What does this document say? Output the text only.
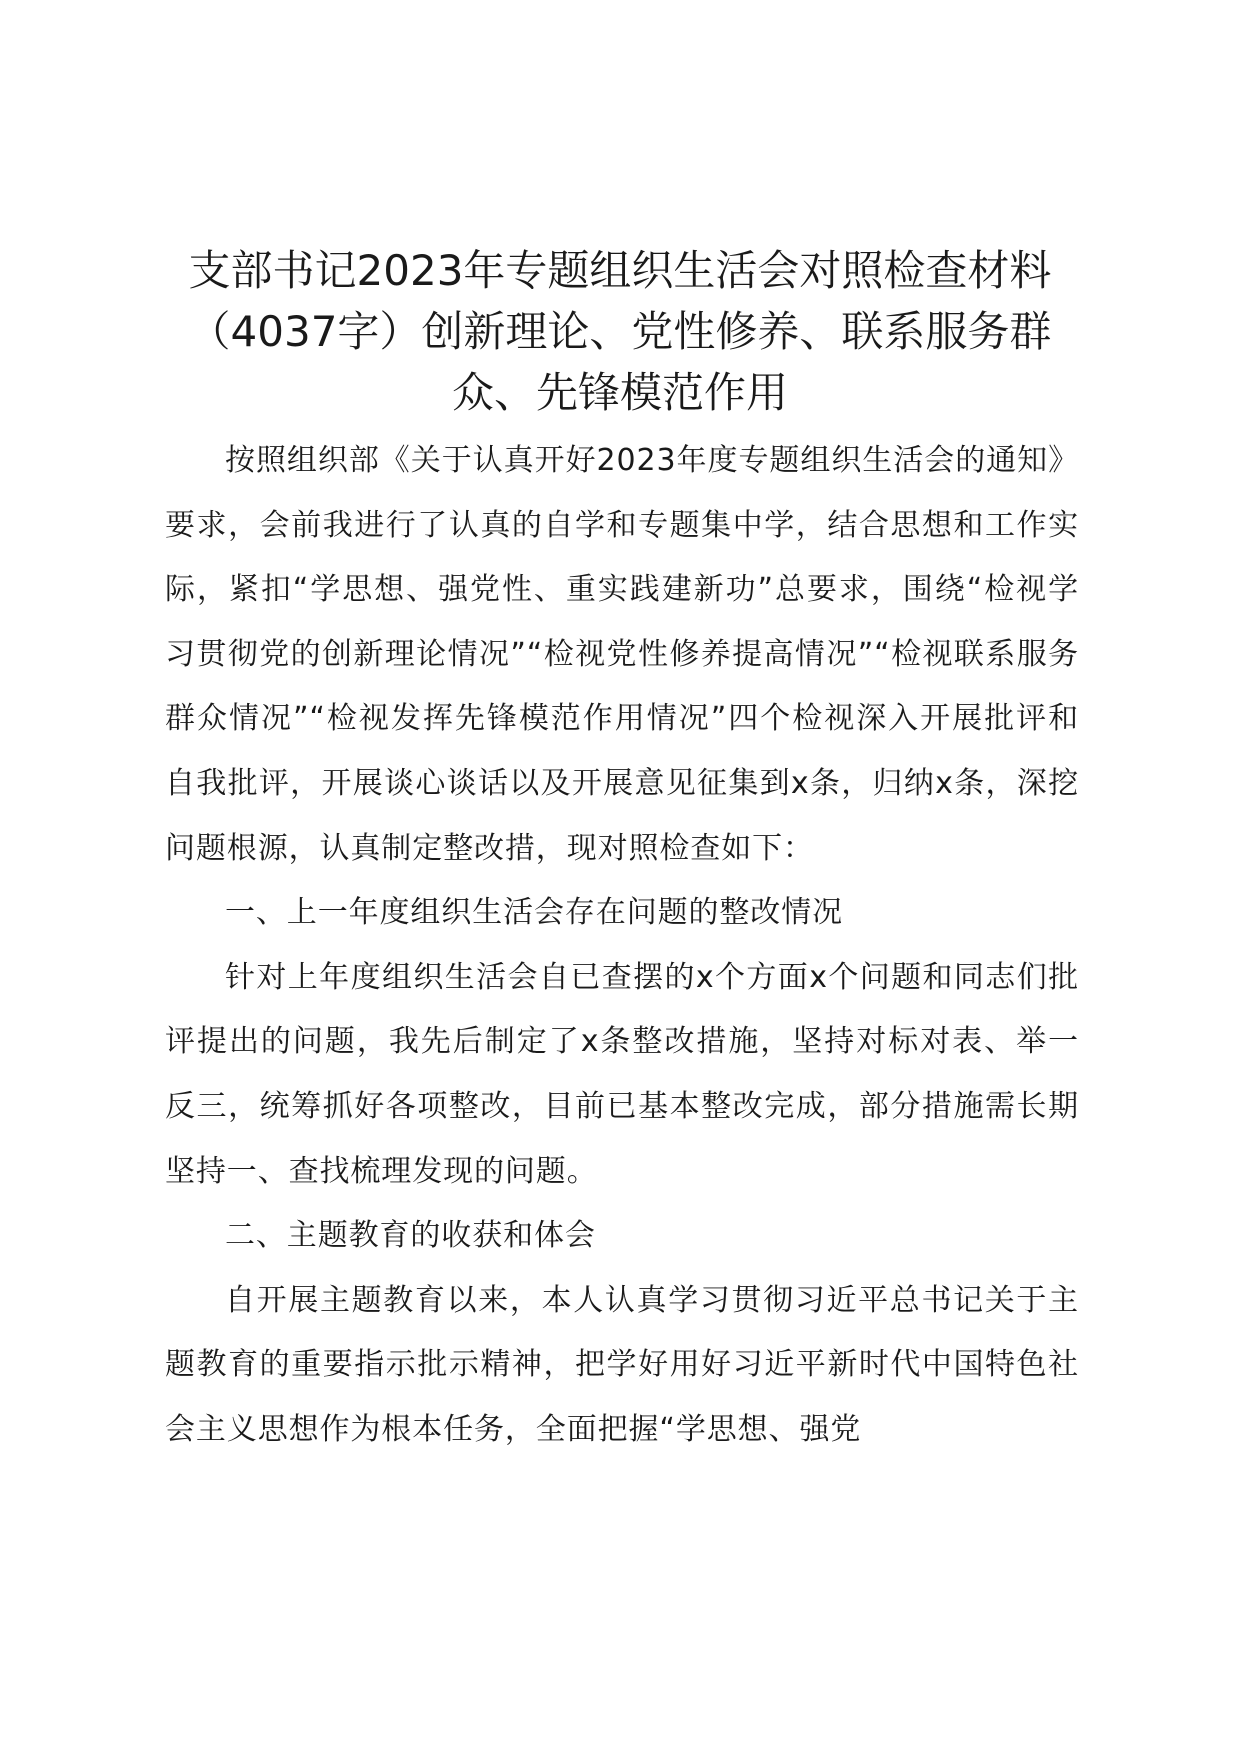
支部书记2023年专题组织生活会对照检查材料（4037字）创新理论、党性修养、联系服务群众、先锋模范作用

按照组织部《关于认真开好2023年度专题组织生活会的通知》要求，会前我进行了认真的自学和专题集中学，结合思想和工作实际，紧扣“学思想、强党性、重实践建新功”总要求，围绕“检视学习贯彻党的创新理论情况”“检视党性修养提高情况”“检视联系服务群众情况”“检视发挥先锋模范作用情况”四个检视深入开展批评和自我批评，开展谈心谈话以及开展意见征集到x条，归纳x条，深挖问题根源，认真制定整改措，现对照检查如下：

一、上一年度组织生活会存在问题的整改情况

针对上年度组织生活会自已查摆的x个方面x个问题和同志们批评提出的问题，我先后制定了x条整改措施，坚持对标对表、举一反三，统筹抓好各项整改，目前已基本整改完成，部分措施需长期坚持一、查找梳理发现的问题。

二、主题教育的收获和体会

自开展主题教育以来，本人认真学习贯彻习近平总书记关于主题教育的重要指示批示精神，把学好用好习近平新时代中国特色社会主义思想作为根本任务，全面把握“学思想、强党
